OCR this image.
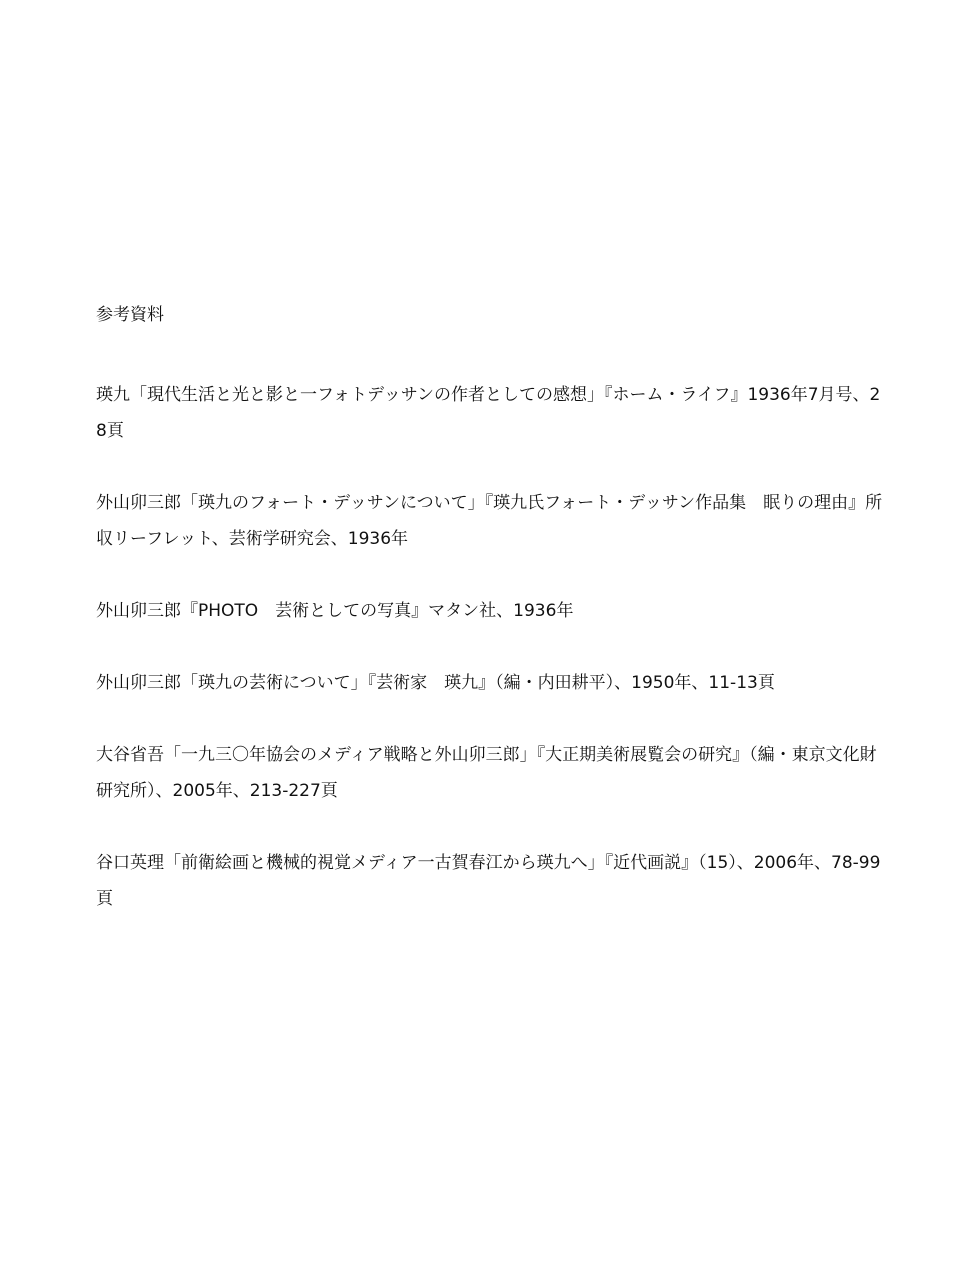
参考資料

瑛九「現代生活と光と影と一フォトデッサンの作者としての感想」『ホーム・ライフ』1936年7月号、28頁

外山卯三郎「瑛九のフォート・デッサンについて」『瑛九氏フォート・デッサン作品集　眠りの理由』所収リーフレット、芸術学研究会、1936年

外山卯三郎『PHOTO　芸術としての写真』マタン社、1936年

外山卯三郎「瑛九の芸術について」『芸術家　瑛九』（編・内田耕平）、1950年、11-13頁

大谷省吾「一九三〇年協会のメディア戦略と外山卯三郎」『大正期美術展覧会の研究』（編・東京文化財研究所）、2005年、213-227頁

谷口英理「前衛絵画と機械的視覚メディア一古賀春江から瑛九へ」『近代画説』（15）、2006年、78-99頁
